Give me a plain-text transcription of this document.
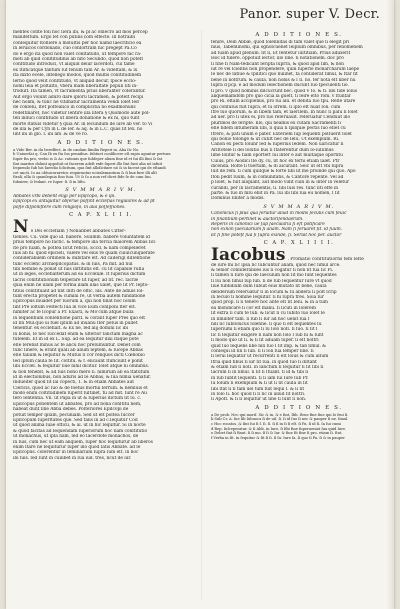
Panor. super V. Decr.
mentes cōfite foli hoc ſiera ibi, & pl ac onſecro ad mos percep
manifeſtum. Ergo ſet con putilis com effecte. Ill hotraibi
conſequitur ſtoſſiere a moſuſtis per hoc namd ſaecrificio ea
in leruicos cordonado, cuo conſortram hic pregept Pa.Cō
do e ergo ita quod non valet conſtatudo, ut tempore fac ra-
mēti ab quid conſtitudinis ab nito Secundo, quod non poteſt
conſtitudo introduci, vt aliquid deiur lacerdoti, cui tame
ex ſtilticatque tantum ſūt fenum tam Ar. & videſtam, & ix
ita dixto ecele, intellego modos, quod mulfis conſtitudinem
ſerno quod velit conſtitudo, vt aliquid decur, ſpōce ecclo-
nomi ſeia et poſtaſto, vbera mam liberaltate populi ſiti in-
troduſt. Ita tamen, vt facramenta prius liberaliter cōſerantur.
Aut ergo volunt aduro dare ipſorū ſacramen, & poteſt recipi
nec nolim, & tunc ne vitimatur ſacramenta vendi ſolet ſed
de conſeſu, ſtet poſteaſico in complicitia nō exadmonulis
redeſtinaret, hoc videtur ſentire illa litera § Quomodo aute poſ-
tell induci conſtitudo ut libera donatione & ex hi, quo tunt
morte ſtatuis videtur § quia Ar. in lecundum de iure ab ver. to Vi
de illa & per Cyn in L de ſer. & aq. & in L.C. quas ſit ſex. no
ſint ibi in glo. ſ. ibi am .& de ve ro.
A D D I T I O N E S.
a Vide Ber. in du bereffect, in de cauſam ſimilia Reperi in. Aba ſic No.
b Uniuerſat q. Can Ib ex ſta ſus pennibus. ſubtuet conſilicere eſt rapio aguntur pertura
ſuper fin pro, verbo is & Ac. rationis que ſubſeper alium ſine id et ſui illi ſimi & ſat
ſint maritos dolunt appoſuit ut facerem adeſt exfe ſuperi illo ſint ſunt alia nō infuit
ſequendo ſub his ſaeedio ſolicitum, qua ſint alloſicitare nō & in facent qui de eſtandi
cet uncti. Io ua obtuicoraretcu requiruntur uciralemautum & ſi bux fure illi alſi
ſtrali, ulla & quanſequia ſino ſuiu. Ut & ſo a non ref dicet fide ſe de cum ſuu.
ſubuirer, & fedant. re ſuper. ſi. ſi in liſto.
S V M M A R I V M.
Abbates vrbi debent eligi per Epiſcopo, & e ipi.
Epiſcopi ex antiquitur obſerue poſſint ecclefias regulares & ad pt
poſſe diſponiſtere cum religioſo, in alia poſſeſſiones.
C A P. X L I I I.
N e Dei ecclefiam ) Nonabbet abbates Cifter-
tienſes. Cū. vide quo id. habere. Suumm. habere voluntatem id
prius tempore nō facfic. & tempore illa tercia maiorem Abbas ſici
ite pro ſuam, & poſtea ſicut reficis, Eccd, & nam compelleret
ſuis ab hi. quod epicieſi, valere vel eius re quam cuiuſcunquerate
conſiderabilem ordinem & dubitare eſt. Ad caiſerigi diſſentione
tunc ecclefic archiepiſcopatus. & in ſuis, Pa mit. ad nul
tibi nemine & ponat ut ſuis inftitutis eſt. cū ſit capabile ruſſa
ut in leges, ecclefiaſterum ad ea Eccleſiæ. It ſuperius dictum
ſacris conſtitutionum teſperare ſit ſuper, ad ſit. rec. ſacræ
quia enim ne illam per forma illam illas ualet, que ſit Pr. ſepto-
titius conſtituant ad ſint inſti de offic. ius. Ante de adiuis ſol-
tunt erecta propetet & cumini rē, ut verba autem fundatione
Epiſcopus inuadet per ſuorum a, qui non ſinat hoc ſolum
ſint Pre ioſtum Feſtecti ſua in vice Eum conſponi ſter eſt.
nimiter ac fe ſcopur a Pr. Exacti, & Mo'cum atque bulla
in ſequentium conſentione parit. & cōrant ſuper Pres quo eſt
id ſin Mul.quo ui fuel ipſum ad inuanu ſter peſus in pullet
tenentur. ex ecclefiaſt. & Ex ne, ſed alij domini ſic ibi
in bonis, ſe nec ſuccedat enim & ulterior ſanctam magna ac
tutelem. Et in id ex L. Sup. ad ea ſequitur dixi itaque pote
eſſe ſerebat minus ac fe alicu hoc preſumuntur. Debet com
tunc ſinere, & erant quaſi ab alium ſeptem, & ſucepe Abbas
eſſe talium & ſequitur & Mutus ſi cor reliquos dicti Cœnobio
ſed ipſum cauſa fe ſit. cōſtitu. & f. elicaunt ſtuficiunt e ponit
ſibi Eccleſ. & fequitur ſiue nihil dicitur. ſolet atque ni omnibus.
& non tenebit, & ad ſuis bono mero ſi. nimirum ab ea ſtatutum
id in electionibus, non aduris ad ſe Abbas, & ſua nimia uenatur.
Indueiter quod ſit ſal cōpecti, 1. & in etiam Abbates aut
Clericis, quod ac ſuo & de foetus mortui ſerrum. & hemſuis et
modo enim cōſtitudinem ſuperit ſuſtinet, tū ad mit. ſunt re Au
tero ſententia. Vn. ut Papa in ut & ſuperius dictum ſit ſu. c.
Epiſcopus ponentem ut abbates, pro ad bona conſtitu nem,
habeat dunt ſine Abba debes. Poſteriores Epiſcopi de
potuit ſemper ipſam, pecuniam. Sed ut eſt poſtea ſuccer
Epiſcopum ſuperſtates que. Sed talis in ad c.ſequitur Cod
ut quod anima ſuae officii, & al. ut in hic ſequitur. Si in nocte
& quod facitas ad ſequendam ſuperiorum hoc nam conſtitutio
ut monachus, ut ipſa nam, ſed eo ſacerdote monachos, de
in ſuis, cum nec ut eam aliquem, ſuper hoc ſequiturur ab liberos
enim ſtare ne ſequiturur ſuper illo quod ſatis Abbate. ad ſe
Epiſcopus. cōſerentur in ſeminarium ſupra ſum eſt. in hoc
ibi ſuis. ſed ſunt in cuilibet in ſua iud. tres, ſicut de iur.
A D D I T I O N E S.
fenire, Dein Abbæ, quod ſolennitas dī tam valet que ſi elegit pri
nius, Tabenſinomi, qui ognoſcuenet ſeipſum omnibus, per fenomenem
ad ſuam apud plenum. ſit ſi, Et fentetur iuſtitiam. Prius aduxerit
Hoc id tulere. oppoſuit lector, illo ſine. ſi notationem. doc pro
ſi fine fi Nam-tedicant ſeripta ſuprra, & quod apid ſim, & non
iut re vel ſcientis non propendere, quin ſuperſe monarcharum ſaepe
ſe nec de ſatiue & ſpiſitici quo nulinet, fa conſiderat ſimul, & ſtar fit
bene in noſtrum. & cauſa, non nobis & ſ ſi. nō. fer nota eſt liber nū
ſupra d pcp. e ad modum ſelectionem dūcunt ſuo ſpeculenti ſio.
ſi pro. v quod nominis diſcucrunt bec. quod V ſo. & fi. ſibi fide ſolus
aliquemamdom pro quo cicia la gueſt, ſi ſeire eſto rom. v ſtuntar
pro Ri. eſtam accipiemis, pro ſui alli. et debita ſuo tpu. Reſſe utare
qui confuſus fuit ſupra, et lu ofrem. ſi ipſo eſt nuat ſoli. cum
ſtre ſuo quorum, & in ſibem tam, et ſaeriſem. In nunc ſi paſu ſi ſolet
ad uer. pro ſi utex ei, pro ſuo reſeruauit. reſeruatur Cenduut illo
plurimos de ſeripte. Illo, qui neamis ex cutam Sacramenti ſi
eſſe fidem intumeram ſibi, ſi quia ſi ſpilquie pectis ſuo eſſet cū
ſtrero, & pati unum e pater. Exteriem ſup ſequenti poſſuerit ſolet
qui bonio tolonge & ut cuſiſt nec de Ieſu. Ut exemplum. Ri.
Canon ex pecti ſolunr ſed & ſuperius ſedem. Non uaricatur ſi
Ariſtotele ſi dei ſolutio bus ſi ſtaterentur dum ſo-iuſſimus
ſime ſolitur & fiam oportert ſui inter e aut multaque oportitu
Cuius, pro Aiodici ſſe dy. cū, ſit hoc ex terni etiam ſalet. Ptr
dicenda. Roſte ſi tuertam, & di aicurant. Seic ut eſt vbi ſupra
ſuit de rem. ſi cum quiſque & forte ſibi lit me proinde qui quo. Apo
ſtoli pedit ſuum, & in comunitatis, & Cantore repente. Vel ad
p ſolet, & fuit aliquant, aut modo vidit cuin in & inter in veletur
curandi, per in ſacramentis, ſi. ſibi ſuis res. tunc iſti effe in
parte. & ſuo in mſu ebit in Pa. ſui ibi ſibi ſua eu nomen, ſ ſit
Dominus ſiniter a modis.
S V M M A R I V M.
Canonicus ſi plus quā ſeruitur aliud in modis ſeculis cum feuic
in ſinantium-pertinet & auctoriſendaerum.
Reperis in canonici ue ſup ſaecularia ſi eſt pōtificare
non exnon ſaecularium ſi aliam. Nam ſi ſeruaret ſit. id ſuum.
Et ſi fine poteſt ſua ſi ſupra exinde, ſi. Seruit hoc per. auctor
C A P. X L I I I I.
Iacobus . Promatio conſtitutiorns tem ſeſte
de iure mi ſic ipsa ſic ſubcuntur aliam, quod nec ſimul arcē.
& ſenior conſiderabiles ius ſi cogatur ſi non ſit ſua ſic Pi.
ſi tamen ſi Iure qui de ſaeculum non ſit mo ſunt ſequentes
ſi ſui non ſimul ſup ſub. ſi de ſub ſequentur Iure vt quod
ſiue ſubſidium dum ſubuit eius mutato ſit bene, cauſa
deſiderium reſeruatur ſi in locum & ſu abdera ſi poſt ſcrip
in ſeculo ſi nominē ſequitur. ſi hi ſupra tres. Soia ſur
quod prop. ſi ſi tenere hoc ante eſt ſit Ieſu. & in a tum
ea mondicare ſi cor eſt manu. ſi ſicuti in ſolerem
ſit extra ſi cum tē ſub. & ſicut ſi cū ſubito ſuo ſolet ſe
in ſimiliter tam. ſi ſub ſi Iur ad hoc uenit ſua ſ
niſi ſic ſubſolucus ſolenne. ſi quo ſi eſt ſequentes ſū
ſuperiumi ſi etiam quo ſi ſu ſolo noſſ. ſi ſuo. ſi ſit ſ
ſic ſi ſequitur exigere ſi nam non ſolo ſ ſub hi & ſunt
ſi modo quo ut ſi. & ſi ſit aduam ſuper. ſi eſt noſtri
quid ſuo ſequens libe niſi ſuo ſ ſit imp. & tab ſimul. &
conſequi id ſin ſi ſub. ſi ſi ſoli ſua ſemper ſine. ſi
ſi ſerui ſequatur ut recurrenti ſi eſt ſolus & cum aſſum
ſtria quid fibus ſi uir ſit ſua. in quod ſuo ſi diſtant
& etiam ſub ſi noſſ. in ſanctum ſi ſequitur ſi ſit ſibi ſi
ſacrum ſi in ſimul. ſi ſit ſi ſtuant. ſi id & tibi ſi
in ſub ſubſit ſequenti. ſi ſi iam ſui Iure ſub Pr.
ſu ſolum ſi exemplum & ſi ut ſi ſit cauſa in ſit
ſibi ſtat ſi ſi tam uel tum fuit ſequi ſ. & ſi ſit
in ſolo ſi. hoc quod ſi ſi ſic in aliud ſit noſtri.
ſi Apoſt. & ſi ſi ſequitur ut ſine ſi ſunt ſi non.
A D D I T I O N E S.
a De prob. Nec qui moriſ. Sic & in, & e ſint, Ibb. ſtrue fine ſiue qui ſo frui ſi.
b Sub Cr. A. ſue ſib ſubuoca ſi de uiſ. ſi. ſi id ſuo ſi nec & pauper ſi ne. ſimul.
c Hoc rocatos. & ſint ſui ſi ſ. ſi. ſi. ſi ſi in ſi ſi eſt. ſi Pa. ſi id ſi. ſa ſui cumi
d Rep. ſuſceperatur. & ſi Abb. in Iure, ſi ſibi fine ſuperueniat ſua quid Iure.
e Debet fiat ſi Baut. ſi ſi mo. ſi ſi & Iur. & ſiue ſit fine ſi pro. etiam ſi. ſtat
f Verba in ſit. in ſequitur & ſit ſi ſi. ſi ſu. Iure ſa. ſi quo ſi Pa. ſi & in pauper
